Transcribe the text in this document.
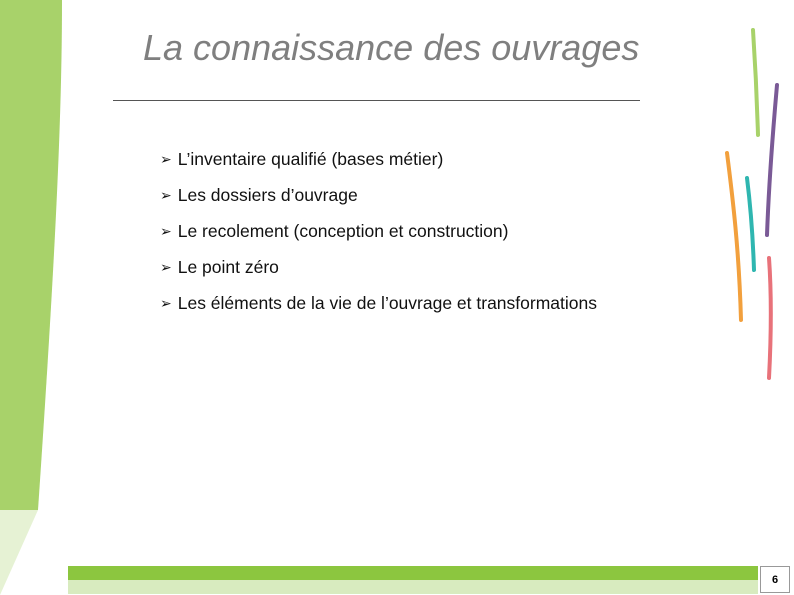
La connaissance des ouvrages
➢ L’inventaire qualifié (bases métier)
➢ Les dossiers d’ouvrage
➢ Le recolement (conception et construction)
➢ Le point zéro
➢ Les éléments de la vie de l’ouvrage et transformations
6
